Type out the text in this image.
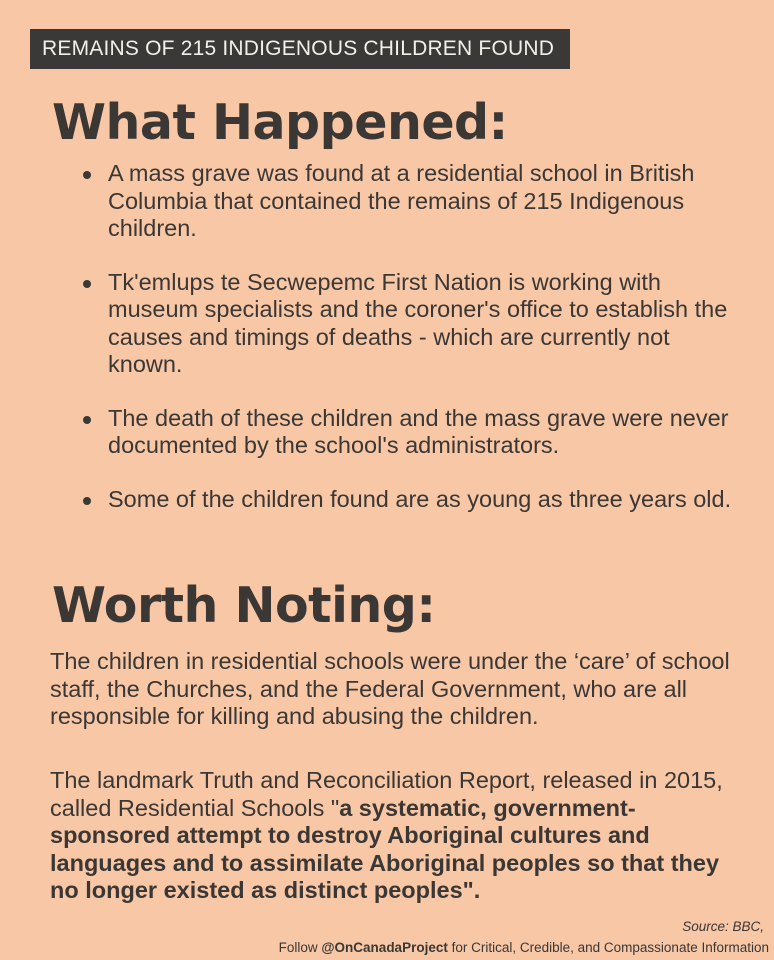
REMAINS OF 215 INDIGENOUS CHILDREN FOUND
What Happened:
A mass grave was found at a residential school in British Columbia that contained the remains of 215 Indigenous children.
Tk'emlups te Secwepemc First Nation is working with museum specialists and the coroner's office to establish the causes and timings of deaths - which are currently not known.
The death of these children and the mass grave were never documented by the school's administrators.
Some of the children found are as young as three years old.
Worth Noting:

The children in residential schools were under the ‘care’ of school staff, the Churches, and the Federal Government, who are all responsible for killing and abusing the children.

The landmark Truth and Reconciliation Report, released in 2015, called Residential Schools "a systematic, government-sponsored attempt to destroy Aboriginal cultures and languages and to assimilate Aboriginal peoples so that they no longer existed as distinct peoples".

Source: BBC,

Follow @OnCanadaProject for Critical, Credible, and Compassionate Information
